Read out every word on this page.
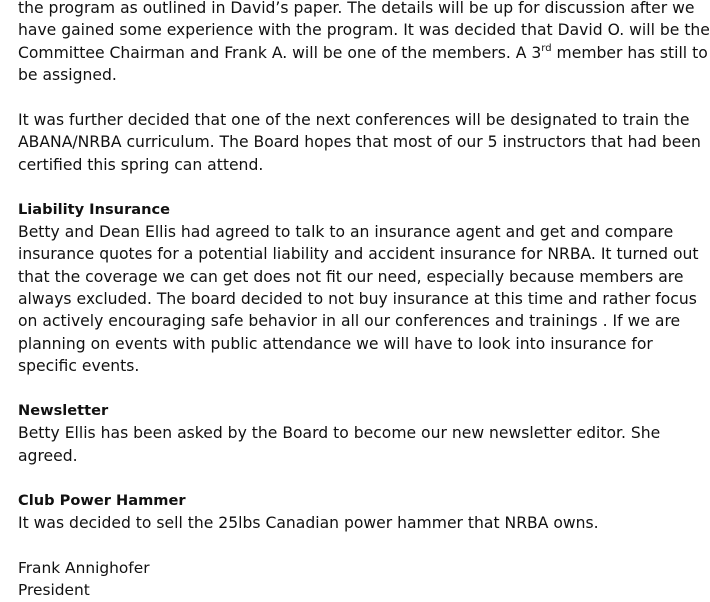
the program as outlined in David’s paper. The details will be up for discussion after we
have gained some experience with the program. It was decided that David O. will be the
Committee Chairman and Frank A. will be one of the members. A 3rd member has still to
be assigned.
It was further decided that one of the next conferences will be designated to train the
ABANA/NRBA curriculum. The Board hopes that most of our 5 instructors that had been
certified this spring can attend.
Liability Insurance
Betty and Dean Ellis had agreed to talk to an insurance agent and get and compare
insurance quotes for a potential liability and accident insurance for NRBA. It turned out
that the coverage we can get does not fit our need, especially because members are
always excluded. The board decided to not buy insurance at this time and rather focus
on actively encouraging safe behavior in all our conferences and trainings . If we are
planning on events with public attendance we will have to look into insurance for
specific events.
Newsletter
Betty Ellis has been asked by the Board to become our new newsletter editor. She
agreed.
Club Power Hammer
It was decided to sell the 25lbs Canadian power hammer that NRBA owns.
Frank Annighofer
President
